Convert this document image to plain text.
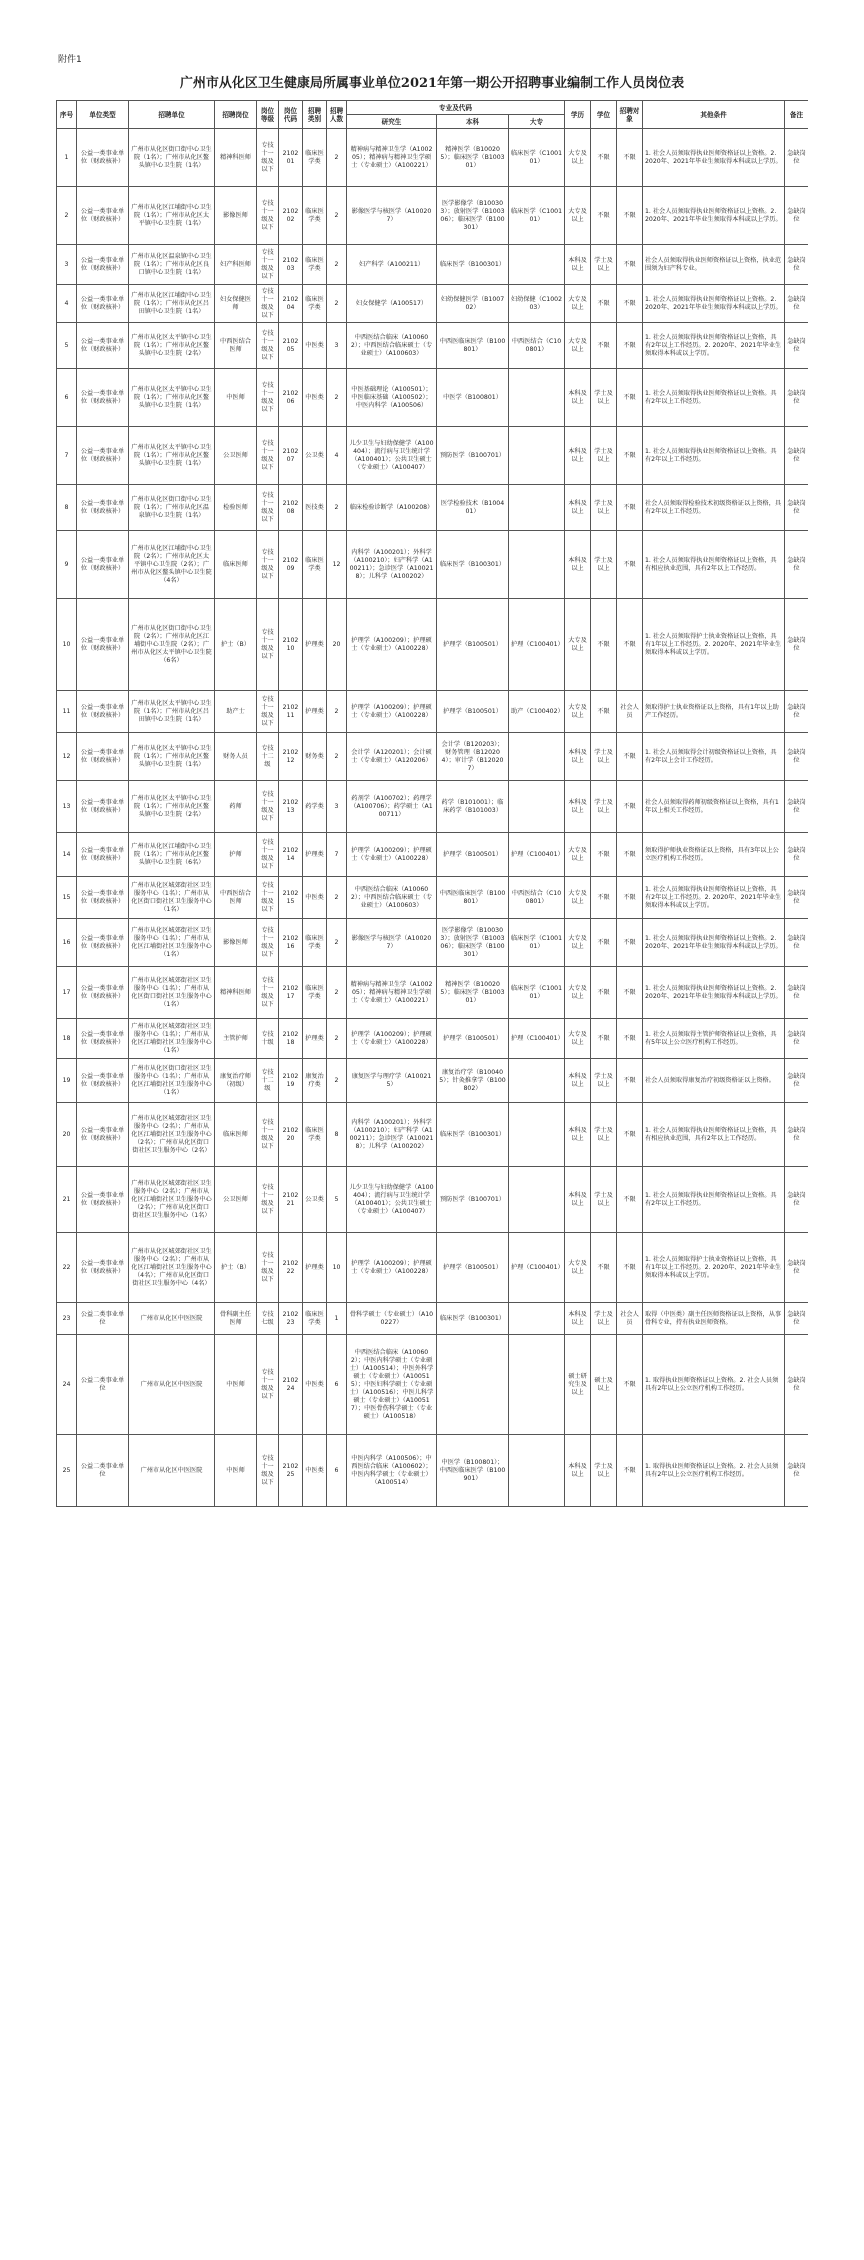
附件1
广州市从化区卫生健康局所属事业单位2021年第一期公开招聘事业编制工作人员岗位表
序号	单位类型	招聘单位	招聘岗位	岗位等级	岗位代码	招聘类别	招聘人数	专业及代码			学历	学位	招聘对象	其他条件	备注
								研究生	本科	大专					
1	公益一类事业单位（财政核补）	广州市从化区街口街中心卫生院（1名）；广州市从化区鳌头镇中心卫生院（1名）	精神科医师	专技十一级及以下	210201	临床医学类	2	精神病与精神卫生学（A100205）；精神病与精神卫生学硕士（专业硕士）（A100221）	精神医学（B100205）；临床医学（B100301）	临床医学（C100101）	大专及以上	不限	不限	1. 社会人员须取得执业医师资格证以上资格。2. 2020年、2021年毕业生须取得本科或以上学历。	急缺岗位
2	公益一类事业单位（财政核补）	广州市从化区江埔街中心卫生院（1名）；广州市从化区太平镇中心卫生院（1名）	影像医师	专技十一级及以下	210202	临床医学类	2	影像医学与核医学（A100207）	医学影像学（B100303）；放射医学（B100306）；临床医学（B100301）	临床医学（C100101）	大专及以上	不限	不限	1. 社会人员须取得执业医师资格证以上资格。2. 2020年、2021年毕业生须取得本科或以上学历。	急缺岗位
3	公益一类事业单位（财政核补）	广州市从化区温泉镇中心卫生院（1名）；广州市从化区良口镇中心卫生院（1名）	妇产科医师	专技十一级及以下	210203	临床医学类	2	妇产科学（A100211）	临床医学（B100301）		本科及以上	学士及以上	不限	社会人员须取得执业医师资格证以上资格，执业范围须为妇产科专业。	急缺岗位
4	公益一类事业单位（财政核补）	广州市从化区江埔街中心卫生院（1名）；广州市从化区吕田镇中心卫生院（1名）	妇女保健医师	专技十一级及以下	210204	临床医学类	2	妇女保健学（A100517）	妇幼保健医学（B100702）	妇幼保健（C100203）	大专及以上	不限	不限	1. 社会人员须取得执业医师资格证以上资格。2. 2020年、2021年毕业生须取得本科或以上学历。	急缺岗位
5	公益一类事业单位（财政核补）	广州市从化区太平镇中心卫生院（1名）；广州市从化区鳌头镇中心卫生院（2名）	中西医结合医师	专技十一级及以下	210205	中医类	3	中西医结合临床（A100602）；中西医结合临床硕士（专业硕士）（A100603）	中西医临床医学（B100801）	中西医结合（C100801）	大专及以上	不限	不限	1. 社会人员须取得执业医师资格证以上资格，具有2年以上工作经历。2. 2020年、2021年毕业生须取得本科或以上学历。	急缺岗位
6	公益一类事业单位（财政核补）	广州市从化区太平镇中心卫生院（1名）；广州市从化区鳌头镇中心卫生院（1名）	中医师	专技十一级及以下	210206	中医类	2	中医基础理论（A100501）；中医临床基础（A100502）；中医内科学（A100506）	中医学（B100801）		本科及以上	学士及以上	不限	1. 社会人员须取得执业医师资格证以上资格。具有2年以上工作经历。	急缺岗位
7	公益一类事业单位（财政核补）	广州市从化区太平镇中心卫生院（1名）；广州市从化区鳌头镇中心卫生院（1名）	公卫医师	专技十一级及以下	210207	公卫类	4	儿少卫生与妇幼保健学（A100404）；流行病与卫生统计学（A100401）；公共卫生硕士（专业硕士）（A100407）	预防医学（B100701）		本科及以上	学士及以上	不限	1. 社会人员须取得执业医师资格证以上资格。具有2年以上工作经历。	急缺岗位
8	公益一类事业单位（财政核补）	广州市从化区街口街中心卫生院（1名）；广州市从化区温泉镇中心卫生院（1名）	检验医师	专技十一级及以下	210208	医技类	2	临床检验诊断学（A100208）	医学检验技术（B100401）		本科及以上	学士及以上	不限	社会人员须取得检验技术初级资格证以上资格，具有2年以上工作经历。	急缺岗位
9	公益一类事业单位（财政核补）	广州市从化区江埔街中心卫生院（2名）；广州市从化区太平镇中心卫生院（2名）；广州市从化区鳌头镇中心卫生院（4名）	临床医师	专技十一级及以下	210209	临床医学类	12	内科学（A100201）；外科学（A100210）；妇产科学（A100211）；急诊医学（A100218）；儿科学（A100202）	临床医学（B100301）		本科及以上	学士及以上	不限	1. 社会人员须取得执业医师资格证以上资格，具有相应执业范围，具有2年以上工作经历。	急缺岗位
10	公益一类事业单位（财政核补）	广州市从化区街口街中心卫生院（2名）；广州市从化区江埔街中心卫生院（2名）；广州市从化区太平镇中心卫生院（6名）	护士（B）	专技十一级及以下	210210	护理类	20	护理学（A100209）；护理硕士（专业硕士）（A100228）	护理学（B100501）	护理（C100401）	大专及以上	不限	不限	1. 社会人员须取得护士执业资格证以上资格，具有1年以上工作经历。2. 2020年、2021年毕业生须取得本科或以上学历。	急缺岗位
11	公益一类事业单位（财政核补）	广州市从化区太平镇中心卫生院（1名）；广州市从化区吕田镇中心卫生院（1名）	助产士	专技十一级及以下	210211	护理类	2	护理学（A100209）；护理硕士（专业硕士）（A100228）	护理学（B100501）	助产（C100402）	大专及以上	不限	社会人员	须取得护士执业资格证以上资格，具有1年以上助产工作经历。	急缺岗位
12	公益一类事业单位（财政核补）	广州市从化区太平镇中心卫生院（1名）；广州市从化区鳌头镇中心卫生院（1名）	财务人员	专技十二级	210212	财务类	2	会计学（A120201）；会计硕士（专业硕士）（A120206）	会计学（B120203）；财务管理（B120204）；审计学（B120207）		本科及以上	学士及以上	不限	1. 社会人员须取得会计初级资格证以上资格，具有2年以上会计工作经历。	急缺岗位
13	公益一类事业单位（财政核补）	广州市从化区太平镇中心卫生院（1名）；广州市从化区鳌头镇中心卫生院（2名）	药师	专技十一级及以下	210213	药学类	3	药剂学（A100702）；药理学（A100706）；药学硕士（A100711）	药学（B101001）；临床药学（B101003）		本科及以上	学士及以上	不限	社会人员须取得药师初级资格证以上资格，具有1年以上相关工作经历。	急缺岗位
14	公益一类事业单位（财政核补）	广州市从化区江埔街中心卫生院（1名）；广州市从化区鳌头镇中心卫生院（6名）	护师	专技十一级及以下	210214	护理类	7	护理学（A100209）；护理硕士（专业硕士）（A100228）	护理学（B100501）	护理（C100401）	大专及以上	不限	不限	须取得护师执业资格证以上资格，具有3年以上公立医疗机构工作经历。	急缺岗位
15	公益一类事业单位（财政核补）	广州市从化区城郊街社区卫生服务中心（1名）；广州市从化区街口街社区卫生服务中心（1名）	中西医结合医师	专技十一级及以下	210215	中医类	2	中西医结合临床（A100602）；中西医结合临床硕士（专业硕士）（A100603）	中西医临床医学（B100801）	中西医结合（C100801）	大专及以上	不限	不限	1. 社会人员须取得执业医师资格证以上资格，具有2年以上工作经历。2. 2020年、2021年毕业生须取得本科或以上学历。	急缺岗位
16	公益一类事业单位（财政核补）	广州市从化区城郊街社区卫生服务中心（1名）；广州市从化区江埔街社区卫生服务中心（1名）	影像医师	专技十一级及以下	210216	临床医学类	2	影像医学与核医学（A100207）	医学影像学（B100303）；放射医学（B100306）；临床医学（B100301）	临床医学（C100101）	大专及以上	不限	不限	1. 社会人员须取得执业医师资格证以上资格。2. 2020年、2021年毕业生须取得本科或以上学历。	急缺岗位
17	公益一类事业单位（财政核补）	广州市从化区城郊街社区卫生服务中心（1名）；广州市从化区街口街社区卫生服务中心（1名）	精神科医师	专技十一级及以下	210217	临床医学类	2	精神病与精神卫生学（A100205）；精神病与精神卫生学硕士（专业硕士）（A100221）	精神医学（B100205）；临床医学（B100301）	临床医学（C100101）	大专及以上	不限	不限	1. 社会人员须取得执业医师资格证以上资格。2. 2020年、2021年毕业生须取得本科或以上学历。	急缺岗位
18	公益一类事业单位（财政核补）	广州市从化区城郊街社区卫生服务中心（1名）；广州市从化区江埔街社区卫生服务中心（1名）	主管护师	专技十级	210218	护理类	2	护理学（A100209）；护理硕士（专业硕士）（A100228）	护理学（B100501）	护理（C100401）	大专及以上	不限	不限	1. 社会人员须取得主管护师资格证以上资格，具有5年以上公立医疗机构工作经历。	急缺岗位
19	公益一类事业单位（财政核补）	广州市从化区街口街社区卫生服务中心（1名）；广州市从化区江埔街社区卫生服务中心（1名）	康复治疗师（初级）	专技十二级	210219	康复治疗类	2	康复医学与理疗学（A100215）	康复治疗学（B100405）；针灸推拿学（B100802）		本科及以上	学士及以上	不限	社会人员须取得康复治疗初级资格证以上资格。	急缺岗位
20	公益一类事业单位（财政核补）	广州市从化区城郊街社区卫生服务中心（2名）；广州市从化区江埔街社区卫生服务中心（2名）；广州市从化区街口街社区卫生服务中心（2名）	临床医师	专技十一级及以下	210220	临床医学类	8	内科学（A100201）；外科学（A100210）；妇产科学（A100211）；急诊医学（A100218）；儿科学（A100202）	临床医学（B100301）		本科及以上	学士及以上	不限	1. 社会人员须取得执业医师资格证以上资格，具有相应执业范围，具有2年以上工作经历。	急缺岗位
21	公益一类事业单位（财政核补）	广州市从化区城郊街社区卫生服务中心（2名）；广州市从化区江埔街社区卫生服务中心（2名）；广州市从化区街口街社区卫生服务中心（1名）	公卫医师	专技十一级及以下	210221	公卫类	5	儿少卫生与妇幼保健学（A100404）；流行病与卫生统计学（A100401）；公共卫生硕士（专业硕士）（A100407）	预防医学（B100701）		本科及以上	学士及以上	不限	1. 社会人员须取得执业医师资格证以上资格。具有2年以上工作经历。	急缺岗位
22	公益一类事业单位（财政核补）	广州市从化区城郊街社区卫生服务中心（2名）；广州市从化区江埔街社区卫生服务中心（4名）；广州市从化区街口街社区卫生服务中心（4名）	护士（B）	专技十一级及以下	210222	护理类	10	护理学（A100209）；护理硕士（专业硕士）（A100228）	护理学（B100501）	护理（C100401）	大专及以上	不限	不限	1. 社会人员须取得护士执业资格证以上资格，具有1年以上工作经历。2. 2020年、2021年毕业生须取得本科或以上学历。	急缺岗位
23	公益二类事业单位	广州市从化区中医医院	骨科副主任医师	专技七级	210223	临床医学类	1	骨科学硕士（专业硕士）（A100227）	临床医学（B100301）		本科及以上	学士及以上	社会人员	取得（中医类）副主任医师资格证以上资格，从事骨科专业，持有执业医师资格。	急缺岗位
24	公益二类事业单位	广州市从化区中医医院	中医师	专技十一级及以下	210224	中医类	6	中西医结合临床（A100602）；中医内科学硕士（专业硕士）（A100514）；中医外科学硕士（专业硕士）（A100515）；中医妇科学硕士（专业硕士）（A100516）；中医儿科学硕士（专业硕士）（A100517）；中医骨伤科学硕士（专业硕士）（A100518）			硕士研究生及以上	硕士及以上	不限	1. 取得执业医师资格证以上资格。2. 社会人员须具有2年以上公立医疗机构工作经历。	急缺岗位
25	公益二类事业单位	广州市从化区中医医院	中医师	专技十一级及以下	210225	中医类	6	中医内科学（A100506）；中西医结合临床（A100602）；中医内科学硕士（专业硕士）（A100514）	中医学（B100801）；中西医临床医学（B100901）		本科及以上	学士及以上	不限	1. 取得执业医师资格证以上资格。2. 社会人员须具有2年以上公立医疗机构工作经历。	急缺岗位
